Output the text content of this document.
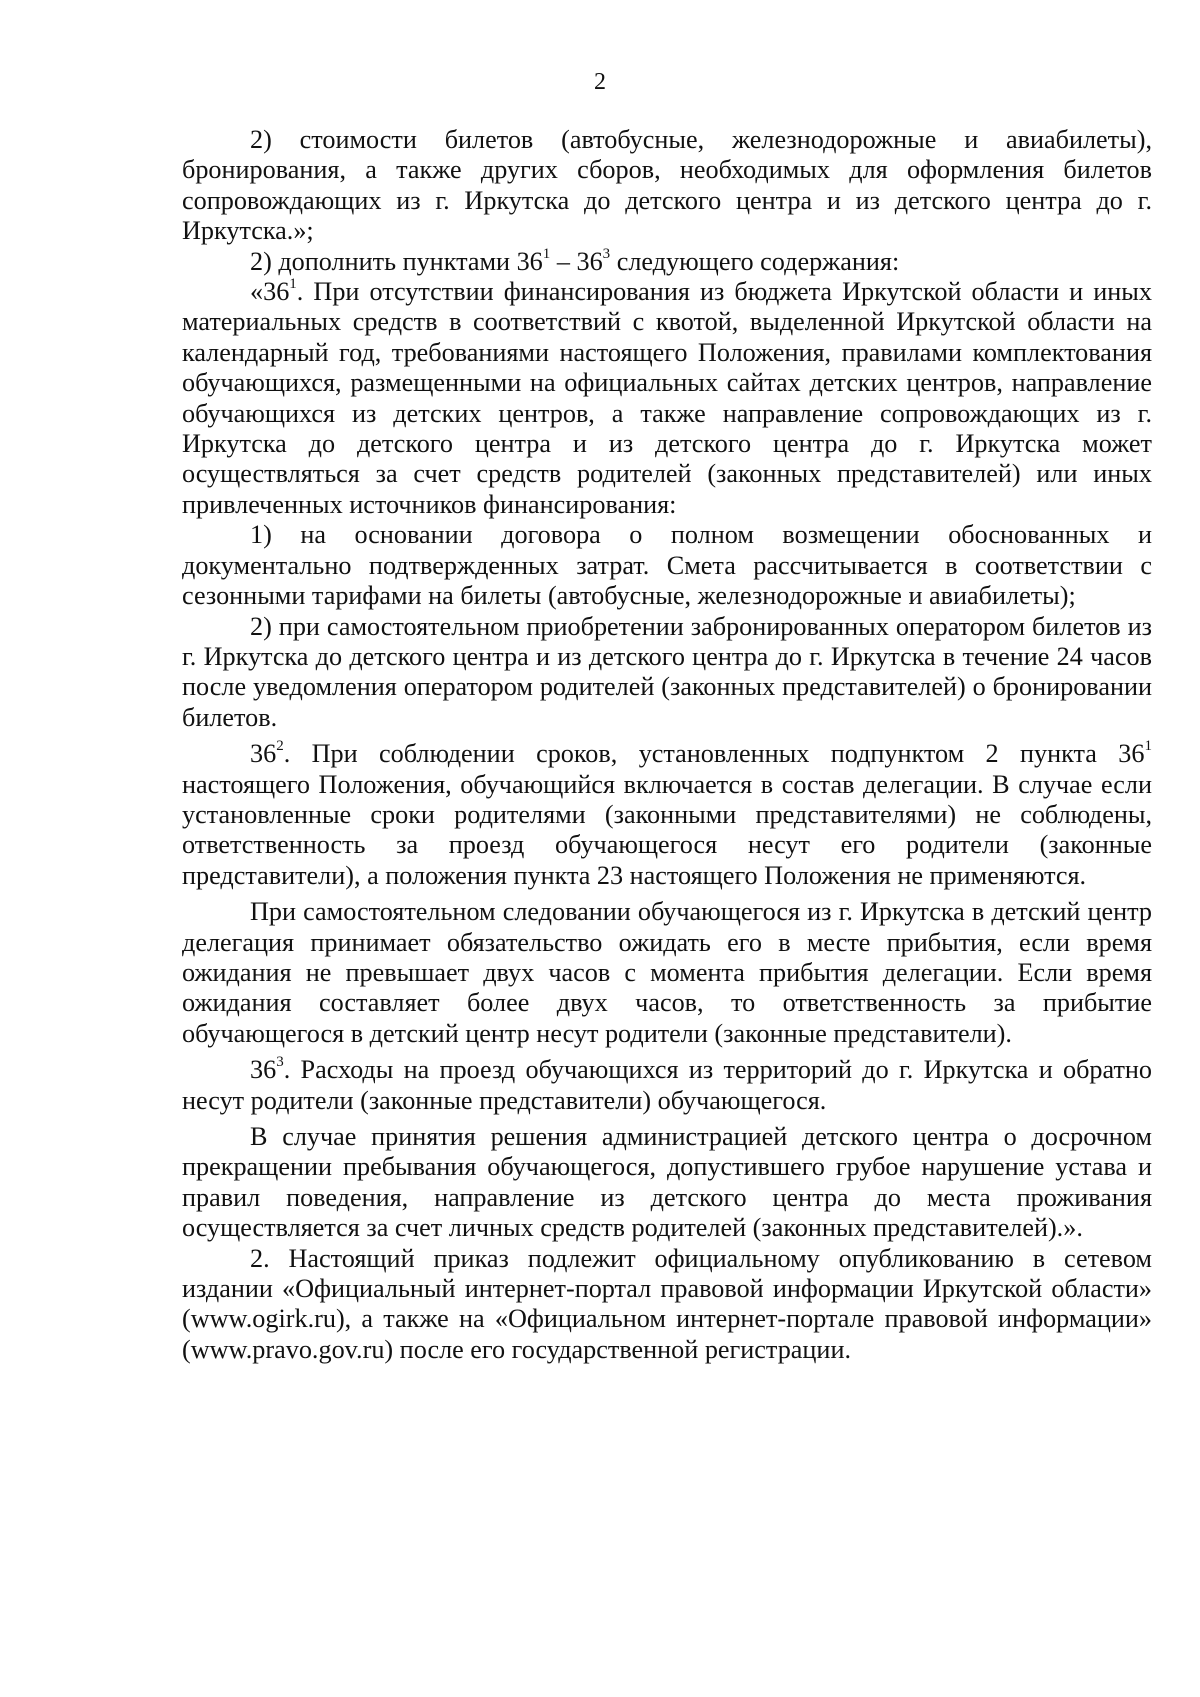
2

2) стоимости билетов (автобусные, железнодорожные и авиабилеты), бронирования, а также других сборов, необходимых для оформления билетов сопровождающих из г. Иркутска до детского центра и из детского центра до г. Иркутска.»;

2) дополнить пунктами $36^1 - 36^3$ следующего содержания:

«$36^1$. При отсутствии финансирования из бюджета Иркутской области и иных материальных средств в соответствий с квотой, выделенной Иркутской области на календарный год, требованиями настоящего Положения, правилами комплектования обучающихся, размещенными на официальных сайтах детских центров, направление обучающихся из детских центров, а также направление сопровождающих из г. Иркутска до детского центра и из детского центра до г. Иркутска может осуществляться за счет средств родителей (законных представителей) или иных привлеченных источников финансирования:

1) на основании договора о полном возмещении обоснованных и документально подтвержденных затрат. Смета рассчитывается в соответствии с сезонными тарифами на билеты (автобусные, железнодорожные и авиабилеты);

2) при самостоятельном приобретении забронированных оператором билетов из г. Иркутска до детского центра и из детского центра до г. Иркутска в течение 24 часов после уведомления оператором родителей (законных представителей) о бронировании билетов.

$36^2$. При соблюдении сроков, установленных подпунктом 2 пункта $36^1$ настоящего Положения, обучающийся включается в состав делегации. В случае если установленные сроки родителями (законными представителями) не соблюдены, ответственность за проезд обучающегося несут его родители (законные представители), а положения пункта 23 настоящего Положения не применяются.

При самостоятельном следовании обучающегося из г. Иркутска в детский центр делегация принимает обязательство ожидать его в месте прибытия, если время ожидания не превышает двух часов с момента прибытия делегации. Если время ожидания составляет более двух часов, то ответственность за прибытие обучающегося в детский центр несут родители (законные представители).

$36^3$. Расходы на проезд обучающихся из территорий до г. Иркутска и обратно несут родители (законные представители) обучающегося.

В случае принятия решения администрацией детского центра о досрочном прекращении пребывания обучающегося, допустившего грубое нарушение устава и правил поведения, направление из детского центра до места проживания осуществляется за счет личных средств родителей (законных представителей).».

2. Настоящий приказ подлежит официальному опубликованию в сетевом издании «Официальный интернет-портал правовой информации Иркутской области» (www.ogirk.ru), а также на «Официальном интернет-портале правовой информации» (www.pravo.gov.ru) после его государственной регистрации.
